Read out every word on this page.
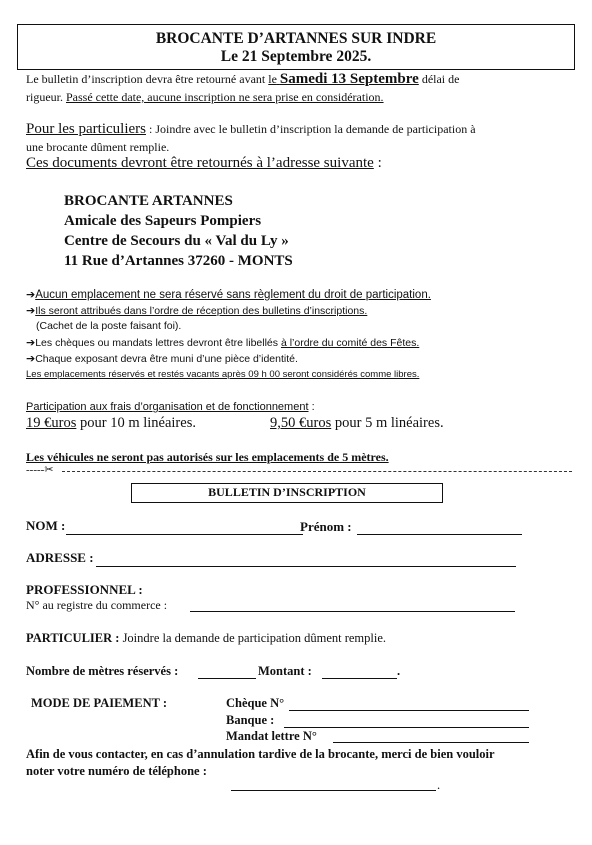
BROCANTE D’ARTANNES SUR INDRE
Le 21 Septembre 2025.
Le bulletin d’inscription devra être retourné avant le Samedi 13 Septembre délai de
rigueur. Passé cette date, aucune inscription ne sera prise en considération.
Pour les particuliers : Joindre avec le bulletin d’inscription la demande de participation à
une brocante dûment remplie.
Ces documents devront être retournés à l’adresse suivante :
BROCANTE ARTANNES
Amicale des Sapeurs Pompiers
Centre de Secours du « Val du Ly »
11 Rue d’Artannes 37260 - MONTS
➔Aucun emplacement ne sera réservé sans règlement du droit de participation.
➔Ils seront attribués dans l’ordre de réception des bulletins d’inscriptions.
(Cachet de la poste faisant foi).
➔Les chèques ou mandats lettres devront être libellés à l’ordre du comité des Fêtes.
➔Chaque exposant devra être muni d’une pièce d’identité.
Les emplacements réservés et restés vacants après 09 h 00 seront considérés comme libres.
Participation aux frais d’organisation et de fonctionnement :
19 €uros pour 10 m linéaires.	9,50 €uros pour 5 m linéaires.
Les véhicules ne seront pas autorisés sur les emplacements de 5 mètres.
-----✂
BULLETIN D’INSCRIPTION
NOM :	Prénom :
ADRESSE :
PROFESSIONNEL :
N° au registre du commerce :
PARTICULIER : Joindre la demande de participation dûment remplie.
Nombre de mètres réservés :	Montant :	.
MODE DE PAIEMENT :	Chèque N°
Banque :
Mandat lettre N°
Afin de vous contacter, en cas d’annulation tardive de la brocante, merci de bien vouloir
noter votre numéro de téléphone :
.
